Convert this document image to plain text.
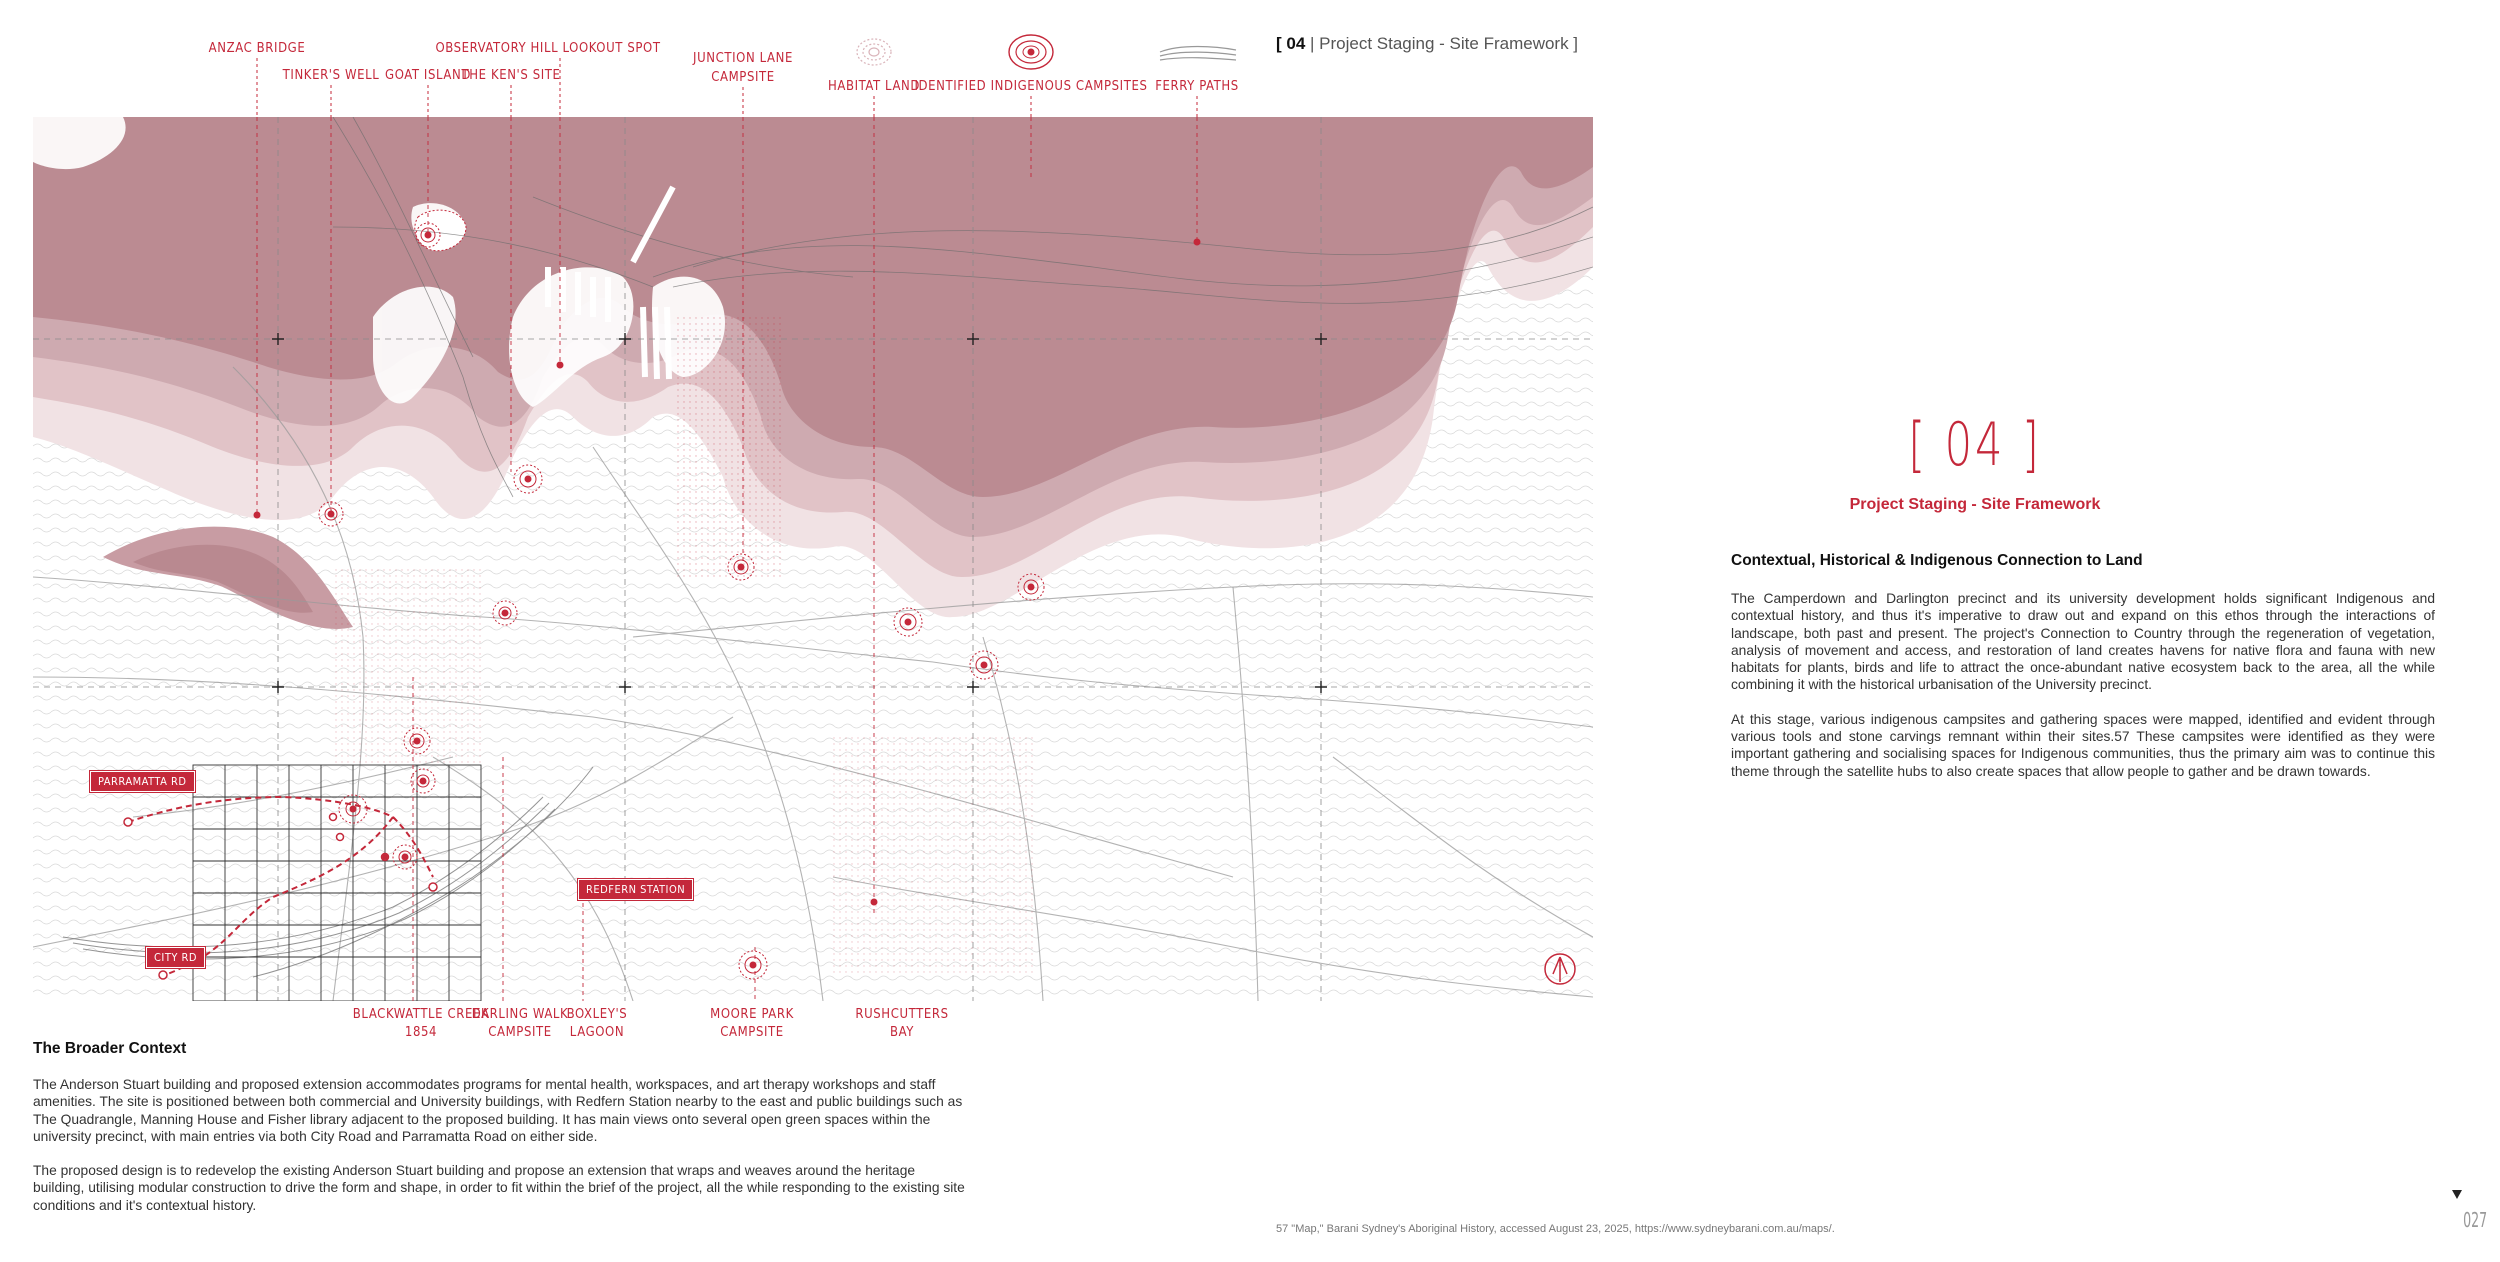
[ 04 | Project Staging - Site Framework ]
ANZAC BRIDGE
TINKER'S WELL GOAT ISLAND
OBSERVATORY HILL LOOKOUT SPOT
THE KEN'S SITE
JUNCTION LANE
CAMPSITE
HABITAT LAND
IDENTIFIED INDIGENOUS CAMPSITES FERRY PATHS
PARRAMATTA RD
REDFERN STATION
CITY RD
BLACKWATTLE CREEK
1854
DARLING WALK
CAMPSITE
BOXLEY'S
LAGOON
MOORE PARK
CAMPSITE
RUSHCUTTERS
BAY
[ 04 ]
Project Staging - Site Framework
Contextual, Historical & Indigenous Connection to Land

The Camperdown and Darlington precinct and its university development holds significant Indigenous and contextual history, and thus it's imperative to draw out and expand on this ethos through the interactions of landscape, both past and present. The project's Connection to Country through the regeneration of vegetation, analysis of movement and access, and restoration of land creates havens for native flora and fauna with new habitats for plants, birds and life to attract the once-abundant native ecosystem back to the area, all the while combining it with the historical urbanisation of the University precinct.

At this stage, various indigenous campsites and gathering spaces were mapped, identified and evident through various tools and stone carvings remnant within their sites.57 These campsites were identified as they were important gathering and socialising spaces for Indigenous communities, thus the primary aim was to continue this theme through the satellite hubs to also create spaces that allow people to gather and be drawn towards.

The Broader Context

The Anderson Stuart building and proposed extension accommodates programs for mental health, workspaces, and art therapy workshops and staff amenities. The site is positioned between both commercial and University buildings, with Redfern Station nearby to the east and public buildings such as The Quadrangle, Manning House and Fisher library adjacent to the proposed building. It has main views onto several open green spaces within the university precinct, with main entries via both City Road and Parramatta Road on either side.

The proposed design is to redevelop the existing Anderson Stuart building and propose an extension that wraps and weaves around the heritage building, utilising modular construction to drive the form and shape, in order to fit within the brief of the project, all the while responding to the existing site conditions and it's contextual history.

57 "Map," Barani Sydney's Aboriginal History, accessed August 23, 2025, https://www.sydneybarani.com.au/maps/.	027
